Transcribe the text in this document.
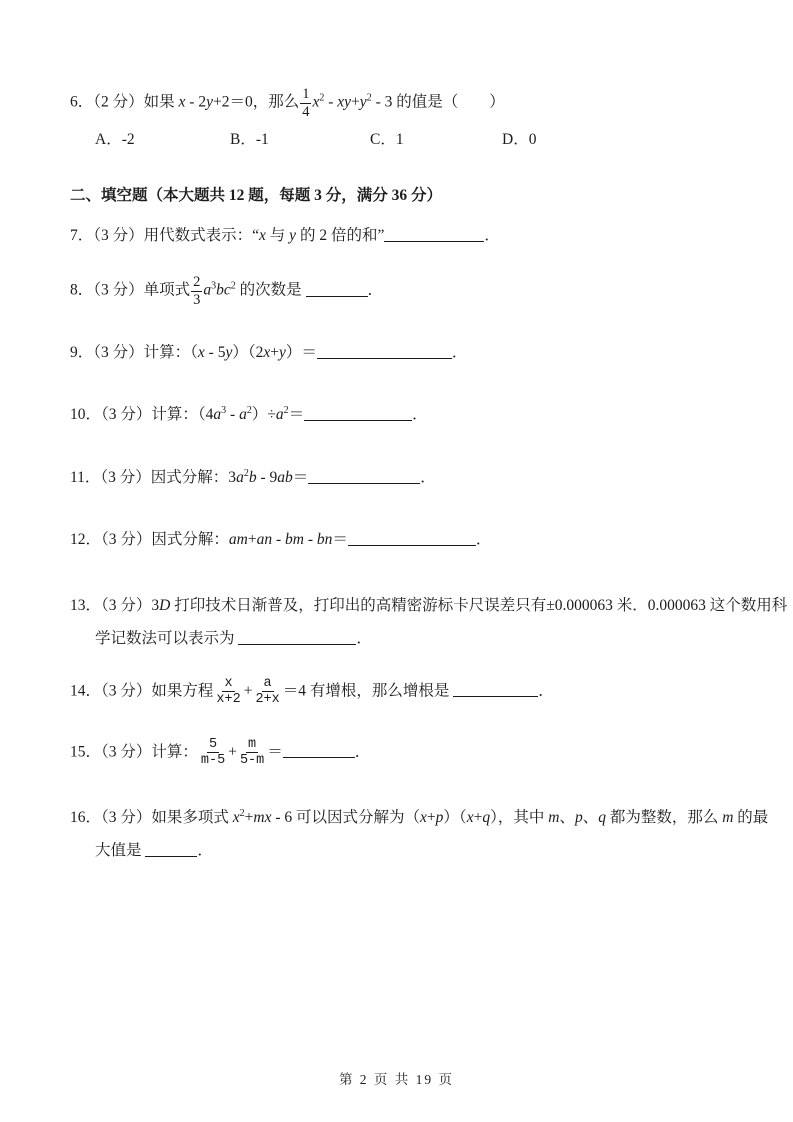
6．（2 分）如果 x - 2y+2＝0，那么 $\frac{1}{4} x^2 - xy+y^2 - 3$ 的值是（　　）
A．-2	B．-1	C．1	D．0
二、填空题（本大题共 12 题，每题 3 分，满分 36 分）
7．（3 分）用代数式表示：“x 与 y 的 2 倍的和”	．
8．（3 分）单项式 $\frac{2}{3} a^3bc^2$ 的次数是	．
9．（3 分）计算：（x - 5y）（2x+y）＝	．
10．（3 分）计算：$(4a^3 - a^2)\div a^2=$	．
11．（3 分）因式分解：$3a^2b - 9ab=$	．
12．（3 分）因式分解：am+an - bm - bn＝	．
13．（3 分）3D 打印技术日渐普及，打印出的高精密游标卡尺误差只有±0.000063 米．0.000063 这个数用科
学记数法可以表示为	．
14．（3 分）如果方程 $\frac{x}{x+2} + \frac{a}{2+x} =4$ 有增根，那么增根是	．
15．（3 分）计算： $\frac{5}{m-5} + \frac{m}{5-m}$ ＝	．
16．（3 分）如果多项式 $x^2+mx - 6$ 可以因式分解为（x+p）（x+q），其中 m、p、q 都为整数，那么 m 的最
大值是	．
第 2 页 共 19 页
